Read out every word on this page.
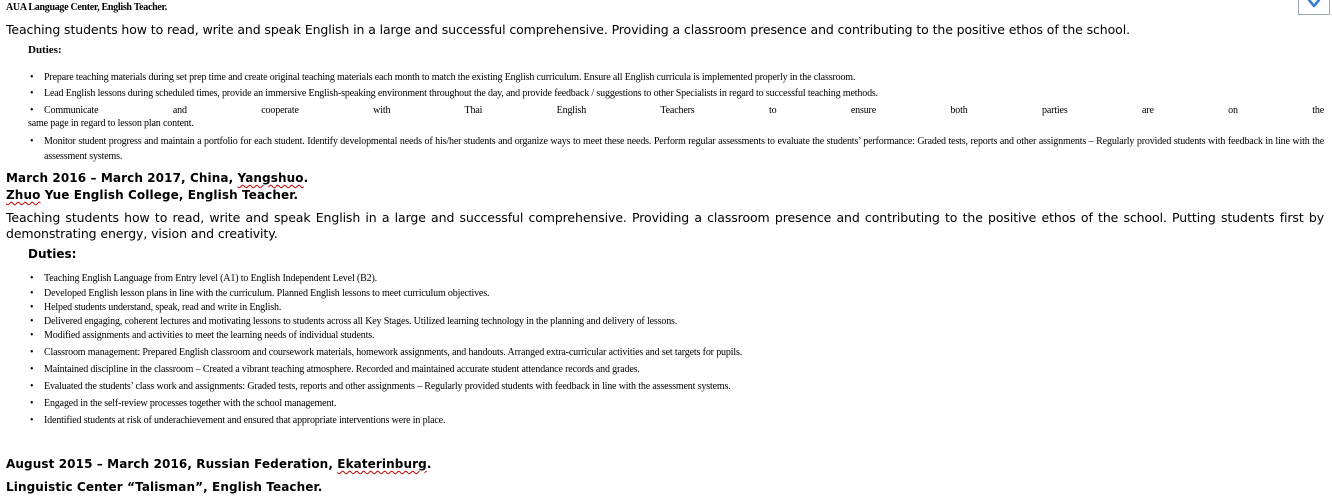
AUA Language Center, English Teacher.
Teaching students how to read, write and speak English in a large and successful comprehensive. Providing a classroom presence and contributing to the positive ethos of the school.
Duties:
• Prepare teaching materials during set prep time and create original teaching materials each month to match the existing English curriculum. Ensure all English curricula is implemented properly in the classroom.
• Lead English lessons during scheduled times, provide an immersive English-speaking environment throughout the day, and provide feedback / suggestions to other Specialists in regard to successful teaching methods.
• Communicate and cooperate with Thai English Teachers to ensure both parties are on the
same page in regard to lesson plan content.
• Monitor student progress and maintain a portfolio for each student. Identify developmental needs of his/her students and organize ways to meet these needs. Perform regular assessments to evaluate the students’ performance: Graded tests, reports and other assignments – Regularly provided students with feedback in line with the assessment systems.
March 2016 – March 2017, China, Yangshuo.
Zhuo Yue English College, English Teacher.
Teaching students how to read, write and speak English in a large and successful comprehensive. Providing a classroom presence and contributing to the positive ethos of the school. Putting students first by demonstrating energy, vision and creativity.
Duties:
• Teaching English Language from Entry level (A1) to English Independent Level (B2).
• Developed English lesson plans in line with the curriculum. Planned English lessons to meet curriculum objectives.
• Helped students understand, speak, read and write in English.
• Delivered engaging, coherent lectures and motivating lessons to students across all Key Stages. Utilized learning technology in the planning and delivery of lessons.
• Modified assignments and activities to meet the learning needs of individual students.
• Classroom management: Prepared English classroom and coursework materials, homework assignments, and handouts. Arranged extra-curricular activities and set targets for pupils.
• Maintained discipline in the classroom – Created a vibrant teaching atmosphere. Recorded and maintained accurate student attendance records and grades.
• Evaluated the students’ class work and assignments: Graded tests, reports and other assignments – Regularly provided students with feedback in line with the assessment systems.
• Engaged in the self-review processes together with the school management.
• Identified students at risk of underachievement and ensured that appropriate interventions were in place.
August 2015 – March 2016, Russian Federation, Ekaterinburg.
Linguistic Center “Talisman”, English Teacher.
